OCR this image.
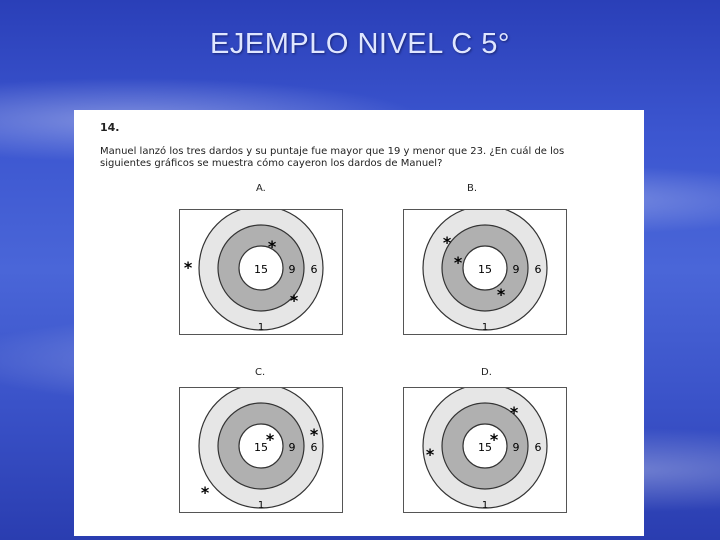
EJEMPLO NIVEL C 5°
14.
Manuel lanzó los tres dardos y su puntaje fue mayor que 19 y menor que 23. ¿En cuál de los
siguientes gráficos se muestra cómo cayeron los dardos de Manuel?
A.
15 9 6
1
*
*
*
B.
15 9 6
1
*
*
*
C.
15 9 6
1
* *
*
D.
15 9 6
1
*
*
*
